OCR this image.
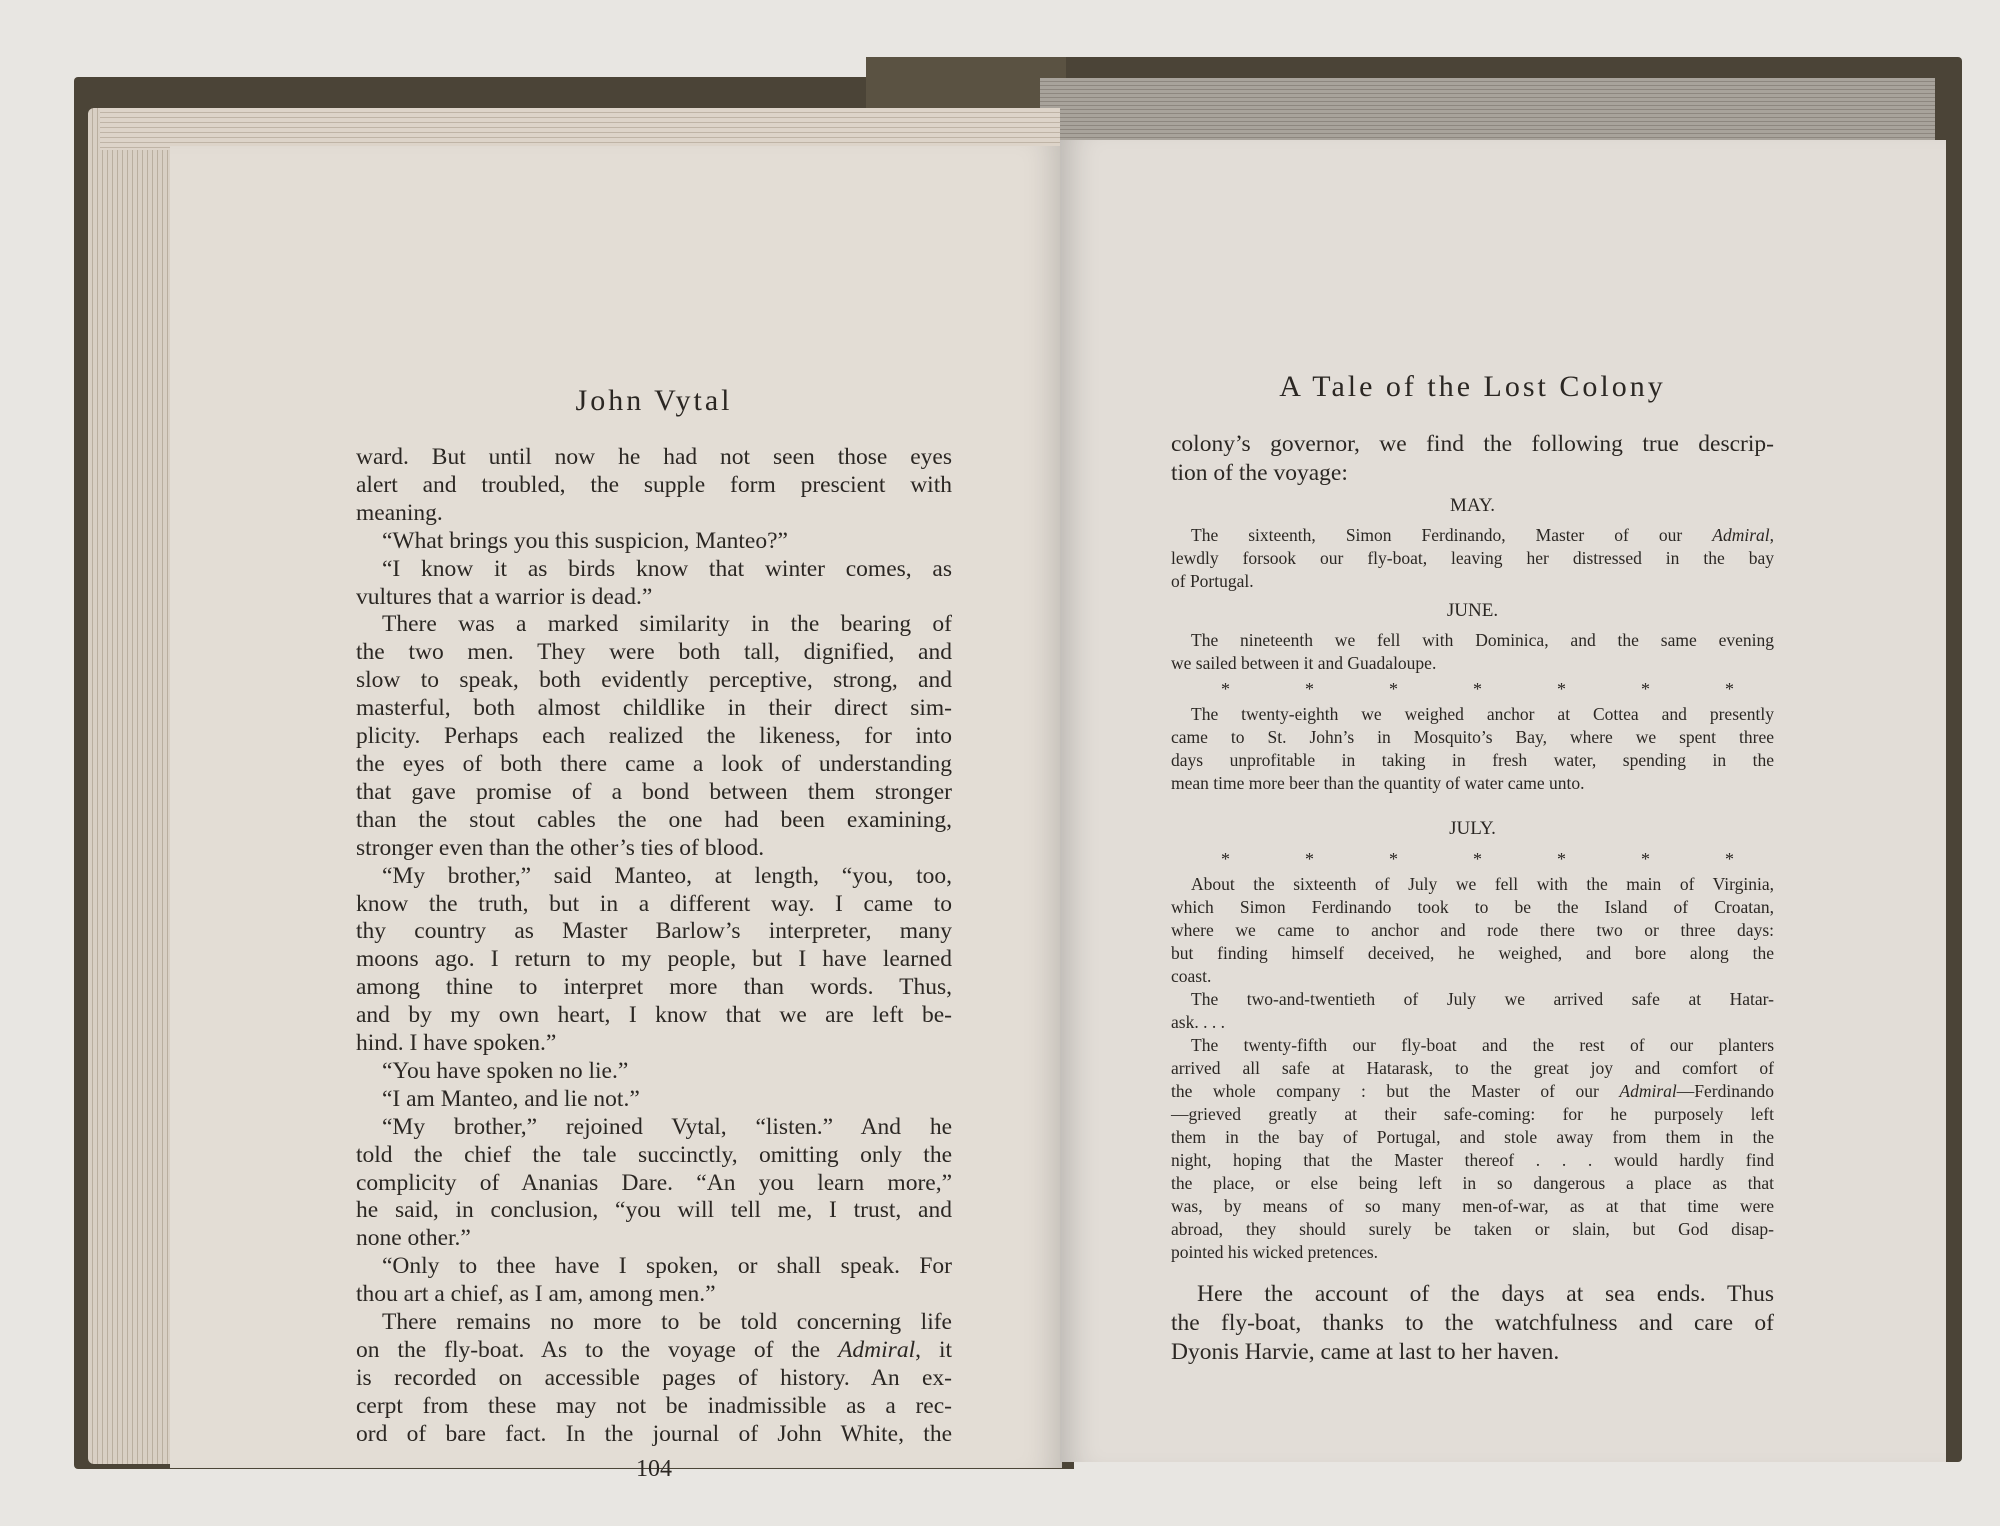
John Vytal
ward. But until now he had not seen those eyes
alert and troubled, the supple form prescient with
meaning.
“What brings you this suspicion, Manteo?”
“I know it as birds know that winter comes, as
vultures that a warrior is dead.”
There was a marked similarity in the bearing of
the two men. They were both tall, dignified, and
slow to speak, both evidently perceptive, strong, and
masterful, both almost childlike in their direct sim-
plicity. Perhaps each realized the likeness, for into
the eyes of both there came a look of understanding
that gave promise of a bond between them stronger
than the stout cables the one had been examining,
stronger even than the other’s ties of blood.
“My brother,” said Manteo, at length, “you, too,
know the truth, but in a different way. I came to
thy country as Master Barlow’s interpreter, many
moons ago. I return to my people, but I have learned
among thine to interpret more than words. Thus,
and by my own heart, I know that we are left be-
hind. I have spoken.”
“You have spoken no lie.”
“I am Manteo, and lie not.”
“My brother,” rejoined Vytal, “listen.” And he
told the chief the tale succinctly, omitting only the
complicity of Ananias Dare. “An you learn more,”
he said, in conclusion, “you will tell me, I trust, and
none other.”
“Only to thee have I spoken, or shall speak. For
thou art a chief, as I am, among men.”
There remains no more to be told concerning life
on the fly-boat. As to the voyage of the Admiral, it
is recorded on accessible pages of history. An ex-
cerpt from these may not be inadmissible as a rec-
ord of bare fact. In the journal of John White, the
104
A Tale of the Lost Colony
colony’s governor, we find the following true descrip-
tion of the voyage:
MAY.
The sixteenth, Simon Ferdinando, Master of our Admiral,
lewdly forsook our fly-boat, leaving her distressed in the bay
of Portugal.
JUNE.
The nineteenth we fell with Dominica, and the same evening
we sailed between it and Guadaloupe.
*	*	*	*	*	*	*
The twenty-eighth we weighed anchor at Cottea and presently
came to St. John’s in Mosquito’s Bay, where we spent three
days unprofitable in taking in fresh water, spending in the
mean time more beer than the quantity of water came unto.
JULY.
*	*	*	*	*	*	*
About the sixteenth of July we fell with the main of Virginia,
which Simon Ferdinando took to be the Island of Croatan,
where we came to anchor and rode there two or three days:
but finding himself deceived, he weighed, and bore along the
coast.
The two-and-twentieth of July we arrived safe at Hatar-
ask. . . .
The twenty-fifth our fly-boat and the rest of our planters
arrived all safe at Hatarask, to the great joy and comfort of
the whole company : but the Master of our Admiral—Ferdinando
—grieved greatly at their safe-coming: for he purposely left
them in the bay of Portugal, and stole away from them in the
night, hoping that the Master thereof . . . would hardly find
the place, or else being left in so dangerous a place as that
was, by means of so many men-of-war, as at that time were
abroad, they should surely be taken or slain, but God disap-
pointed his wicked pretences.
Here the account of the days at sea ends. Thus
the fly-boat, thanks to the watchfulness and care of
Dyonis Harvie, came at last to her haven.
